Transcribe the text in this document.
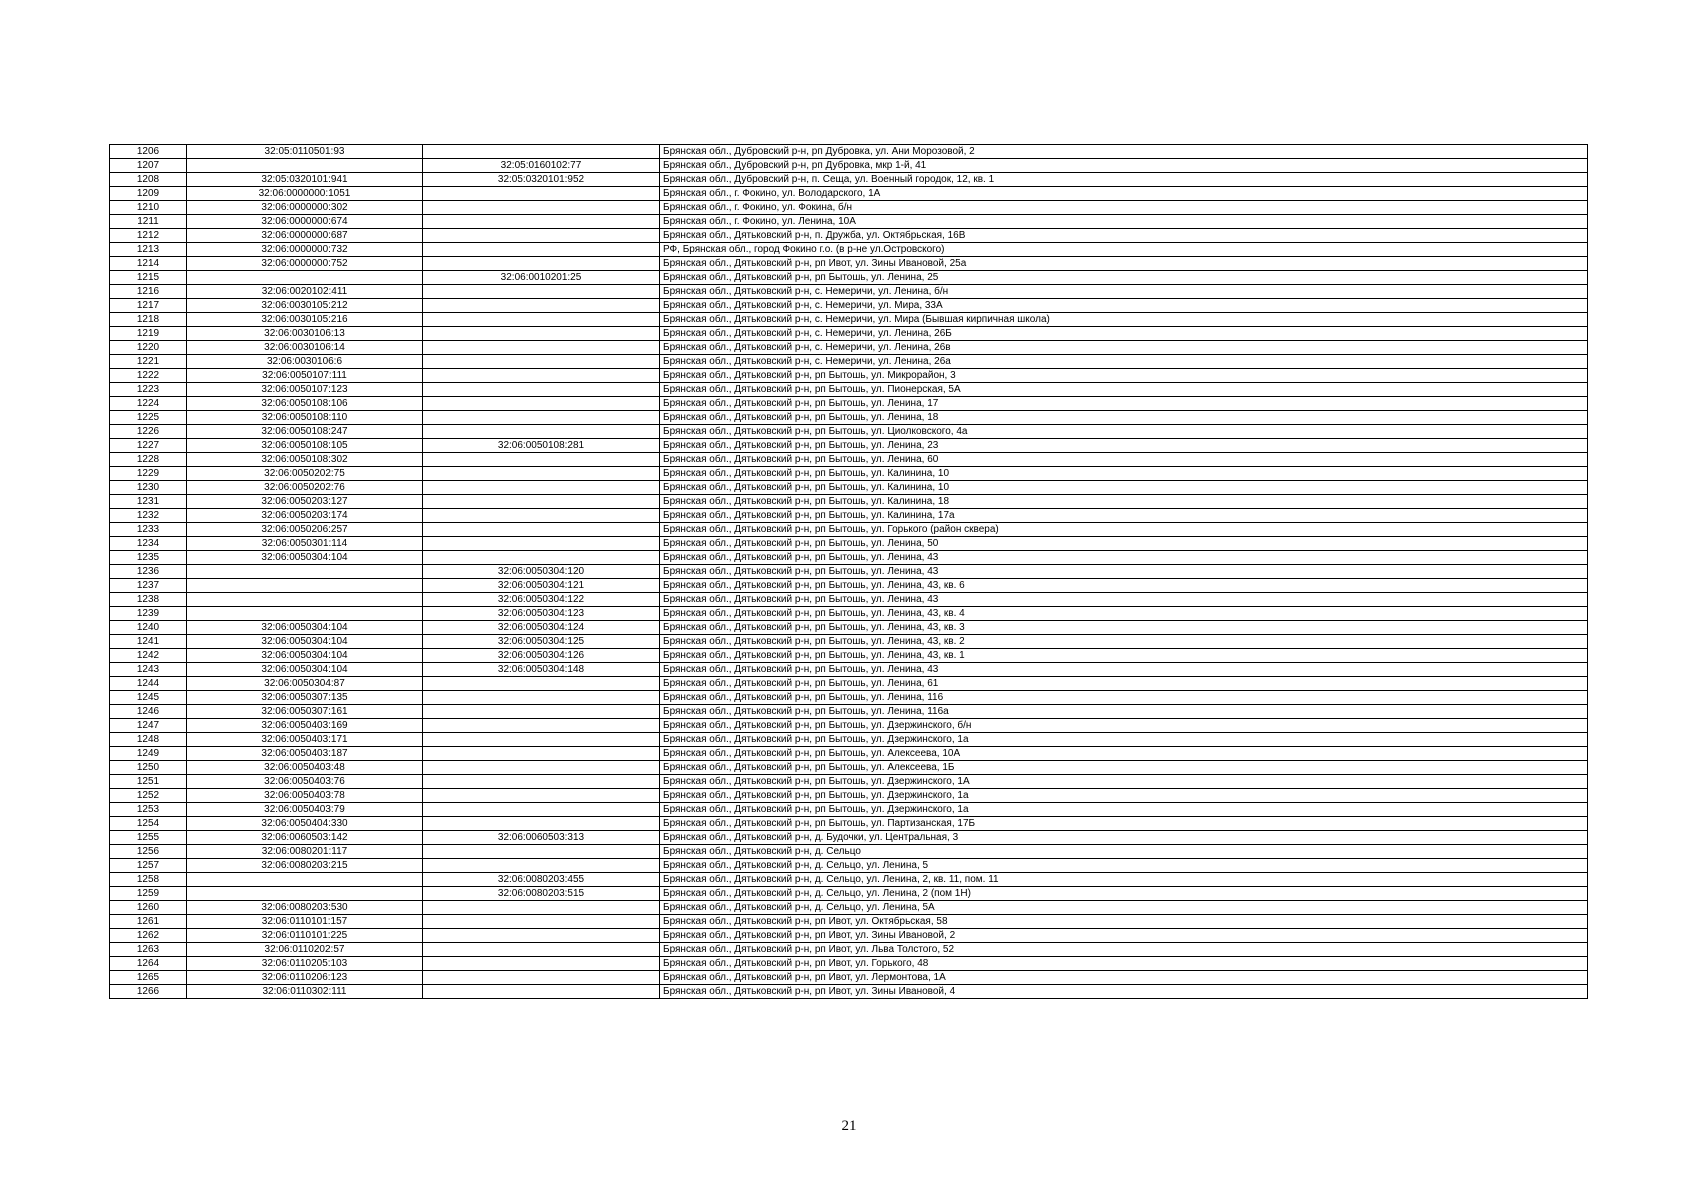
1206	32:05:0110501:93		Брянская обл., Дубровский р-н, рп Дубровка, ул. Ани Морозовой, 2
1207		32:05:0160102:77	Брянская обл., Дубровский р-н, рп Дубровка, мкр 1-й, 41
1208	32:05:0320101:941	32:05:0320101:952	Брянская обл., Дубровский р-н, п. Сеща, ул. Военный городок, 12, кв. 1
1209	32:06:0000000:1051		Брянская обл., г. Фокино, ул. Володарского, 1А
1210	32:06:0000000:302		Брянская обл., г. Фокино, ул. Фокина, б/н
1211	32:06:0000000:674		Брянская обл., г. Фокино, ул. Ленина, 10А
1212	32:06:0000000:687		Брянская обл., Дятьковский р-н, п. Дружба, ул. Октябрьская, 16В
1213	32:06:0000000:732		РФ, Брянская обл., город Фокино г.о. (в р-не ул.Островского)
1214	32:06:0000000:752		Брянская обл., Дятьковский р-н, рп Ивот, ул. Зины Ивановой, 25а
1215		32:06:0010201:25	Брянская обл., Дятьковский р-н, рп Бытошь, ул. Ленина, 25
1216	32:06:0020102:411		Брянская обл., Дятьковский р-н, с. Немеричи, ул. Ленина, б/н
1217	32:06:0030105:212		Брянская обл., Дятьковский р-н, с. Немеричи, ул. Мира, 33А
1218	32:06:0030105:216		Брянская обл., Дятьковский р-н, с. Немеричи, ул. Мира (Бывшая кирпичная школа)
1219	32:06:0030106:13		Брянская обл., Дятьковский р-н, с. Немеричи, ул. Ленина, 26Б
1220	32:06:0030106:14		Брянская обл., Дятьковский р-н, с. Немеричи, ул. Ленина, 26в
1221	32:06:0030106:6		Брянская обл., Дятьковский р-н, с. Немеричи, ул. Ленина, 26а
1222	32:06:0050107:111		Брянская обл., Дятьковский р-н, рп Бытошь, ул. Микрорайон, 3
1223	32:06:0050107:123		Брянская обл., Дятьковский р-н, рп Бытошь, ул. Пионерская, 5А
1224	32:06:0050108:106		Брянская обл., Дятьковский р-н, рп Бытошь, ул. Ленина, 17
1225	32:06:0050108:110		Брянская обл., Дятьковский р-н, рп Бытошь, ул. Ленина, 18
1226	32:06:0050108:247		Брянская обл., Дятьковский р-н, рп Бытошь, ул. Циолковского, 4а
1227	32:06:0050108:105	32:06:0050108:281	Брянская обл., Дятьковский р-н, рп Бытошь, ул. Ленина, 23
1228	32:06:0050108:302		Брянская обл., Дятьковский р-н, рп Бытошь, ул. Ленина, 60
1229	32:06:0050202:75		Брянская обл., Дятьковский р-н, рп Бытошь, ул. Калинина, 10
1230	32:06:0050202:76		Брянская обл., Дятьковский р-н, рп Бытошь, ул. Калинина, 10
1231	32:06:0050203:127		Брянская обл., Дятьковский р-н, рп Бытошь, ул. Калинина, 18
1232	32:06:0050203:174		Брянская обл., Дятьковский р-н, рп Бытошь, ул. Калинина, 17а
1233	32:06:0050206:257		Брянская обл., Дятьковский р-н, рп Бытошь, ул. Горького (район сквера)
1234	32:06:0050301:114		Брянская обл., Дятьковский р-н, рп Бытошь, ул. Ленина, 50
1235	32:06:0050304:104		Брянская обл., Дятьковский р-н, рп Бытошь, ул. Ленина, 43
1236		32:06:0050304:120	Брянская обл., Дятьковский р-н, рп Бытошь, ул. Ленина, 43
1237		32:06:0050304:121	Брянская обл., Дятьковский р-н, рп Бытошь, ул. Ленина, 43, кв. 6
1238		32:06:0050304:122	Брянская обл., Дятьковский р-н, рп Бытошь, ул. Ленина, 43
1239		32:06:0050304:123	Брянская обл., Дятьковский р-н, рп Бытошь, ул. Ленина, 43, кв. 4
1240	32:06:0050304:104	32:06:0050304:124	Брянская обл., Дятьковский р-н, рп Бытошь, ул. Ленина, 43, кв. 3
1241	32:06:0050304:104	32:06:0050304:125	Брянская обл., Дятьковский р-н, рп Бытошь, ул. Ленина, 43, кв. 2
1242	32:06:0050304:104	32:06:0050304:126	Брянская обл., Дятьковский р-н, рп Бытошь, ул. Ленина, 43, кв. 1
1243	32:06:0050304:104	32:06:0050304:148	Брянская обл., Дятьковский р-н, рп Бытошь, ул. Ленина, 43
1244	32:06:0050304:87		Брянская обл., Дятьковский р-н, рп Бытошь, ул. Ленина, 61
1245	32:06:0050307:135		Брянская обл., Дятьковский р-н, рп Бытошь, ул. Ленина, 116
1246	32:06:0050307:161		Брянская обл., Дятьковский р-н, рп Бытошь, ул. Ленина, 116а
1247	32:06:0050403:169		Брянская обл., Дятьковский р-н, рп Бытошь, ул. Дзержинского, б/н
1248	32:06:0050403:171		Брянская обл., Дятьковский р-н, рп Бытошь, ул. Дзержинского, 1а
1249	32:06:0050403:187		Брянская обл., Дятьковский р-н, рп Бытошь, ул. Алексеева, 10А
1250	32:06:0050403:48		Брянская обл., Дятьковский р-н, рп Бытошь, ул. Алексеева, 1Б
1251	32:06:0050403:76		Брянская обл., Дятьковский р-н, рп Бытошь, ул. Дзержинского, 1А
1252	32:06:0050403:78		Брянская обл., Дятьковский р-н, рп Бытошь, ул. Дзержинского, 1а
1253	32:06:0050403:79		Брянская обл., Дятьковский р-н, рп Бытошь, ул. Дзержинского, 1а
1254	32:06:0050404:330		Брянская обл., Дятьковский р-н, рп Бытошь, ул. Партизанская, 17Б
1255	32:06:0060503:142	32:06:0060503:313	Брянская обл., Дятьковский р-н, д. Будочки, ул. Центральная, 3
1256	32:06:0080201:117		Брянская обл., Дятьковский р-н, д. Сельцо
1257	32:06:0080203:215		Брянская обл., Дятьковский р-н, д. Сельцо, ул. Ленина, 5
1258		32:06:0080203:455	Брянская обл., Дятьковский р-н, д. Сельцо, ул. Ленина, 2, кв. 11, пом. 11
1259		32:06:0080203:515	Брянская обл., Дятьковский р-н, д. Сельцо, ул. Ленина, 2 (пом 1Н)
1260	32:06:0080203:530		Брянская обл., Дятьковский р-н, д. Сельцо, ул. Ленина, 5А
1261	32:06:0110101:157		Брянская обл., Дятьковский р-н, рп Ивот, ул. Октябрьская, 58
1262	32:06:0110101:225		Брянская обл., Дятьковский р-н, рп Ивот, ул. Зины Ивановой, 2
1263	32:06:0110202:57		Брянская обл., Дятьковский р-н, рп Ивот, ул. Льва Толстого, 52
1264	32:06:0110205:103		Брянская обл., Дятьковский р-н, рп Ивот, ул. Горького, 48
1265	32:06:0110206:123		Брянская обл., Дятьковский р-н, рп Ивот, ул. Лермонтова, 1А
1266	32:06:0110302:111		Брянская обл., Дятьковский р-н, рп Ивот, ул. Зины Ивановой, 4
21
